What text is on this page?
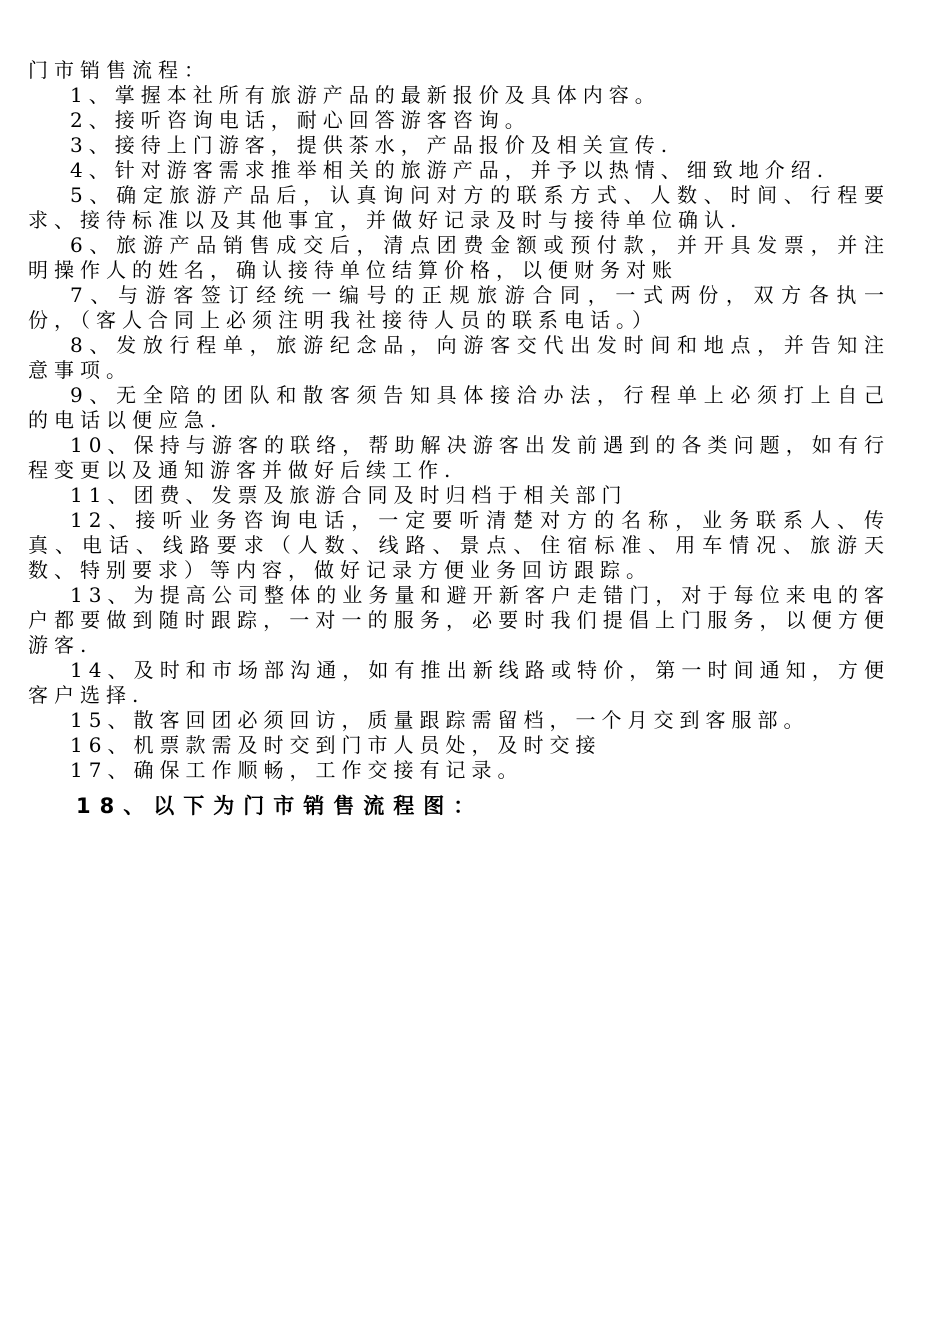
门市销售流程：

1、掌握本社所有旅游产品的最新报价及具体内容。

2、接听咨询电话，耐心回答游客咨询。

3、接待上门游客，提供茶水，产品报价及相关宣传.

4、针对游客需求推举相关的旅游产品，并予以热情、细致地介绍.

5、确定旅游产品后，认真询问对方的联系方式、人数、时间、行程要求、接待标准以及其他事宜，并做好记录及时与接待单位确认.

6、旅游产品销售成交后，清点团费金额或预付款，并开具发票，并注明操作人的姓名，确认接待单位结算价格，以便财务对账

7、与游客签订经统一编号的正规旅游合同，一式两份，双方各执一份，（客人合同上必须注明我社接待人员的联系电话。）

8、发放行程单，旅游纪念品，向游客交代出发时间和地点，并告知注意事项。

9、无全陪的团队和散客须告知具体接洽办法，行程单上必须打上自己的电话以便应急.

10、保持与游客的联络，帮助解决游客出发前遇到的各类问题，如有行程变更以及通知游客并做好后续工作.

11、团费、发票及旅游合同及时归档于相关部门

12、接听业务咨询电话，一定要听清楚对方的名称，业务联系人、传真、电话、线路要求（人数、线路、景点、住宿标准、用车情况、旅游天数、特别要求）等内容，做好记录方便业务回访跟踪。

13、为提高公司整体的业务量和避开新客户走错门，对于每位来电的客户都要做到随时跟踪，一对一的服务，必要时我们提倡上门服务，以便方便游客.

14、及时和市场部沟通，如有推出新线路或特价，第一时间通知，方便客户选择.

15、散客回团必须回访，质量跟踪需留档，一个月交到客服部。

16、机票款需及时交到门市人员处，及时交接

17、确保工作顺畅，工作交接有记录。

18、以下为门市销售流程图：
